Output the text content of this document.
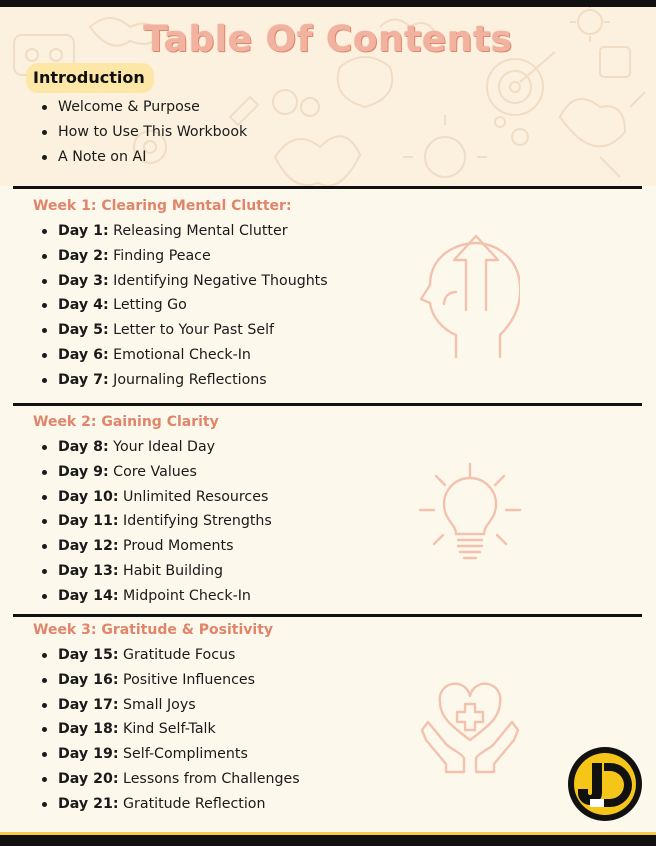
Table Of Contents
Introduction
Welcome & Purpose
How to Use This Workbook
A Note on AI
Week 1: Clearing Mental Clutter:
Day 1: Releasing Mental Clutter
Day 2: Finding Peace
Day 3: Identifying Negative Thoughts
Day 4: Letting Go
Day 5: Letter to Your Past Self
Day 6: Emotional Check-In
Day 7: Journaling Reflections
Week 2: Gaining Clarity
Day 8: Your Ideal Day
Day 9: Core Values
Day 10: Unlimited Resources
Day 11: Identifying Strengths
Day 12: Proud Moments
Day 13: Habit Building
Day 14: Midpoint Check-In
Week 3: Gratitude & Positivity
Day 15: Gratitude Focus
Day 16: Positive Influences
Day 17: Small Joys
Day 18: Kind Self-Talk
Day 19: Self-Compliments
Day 20: Lessons from Challenges
Day 21: Gratitude Reflection
